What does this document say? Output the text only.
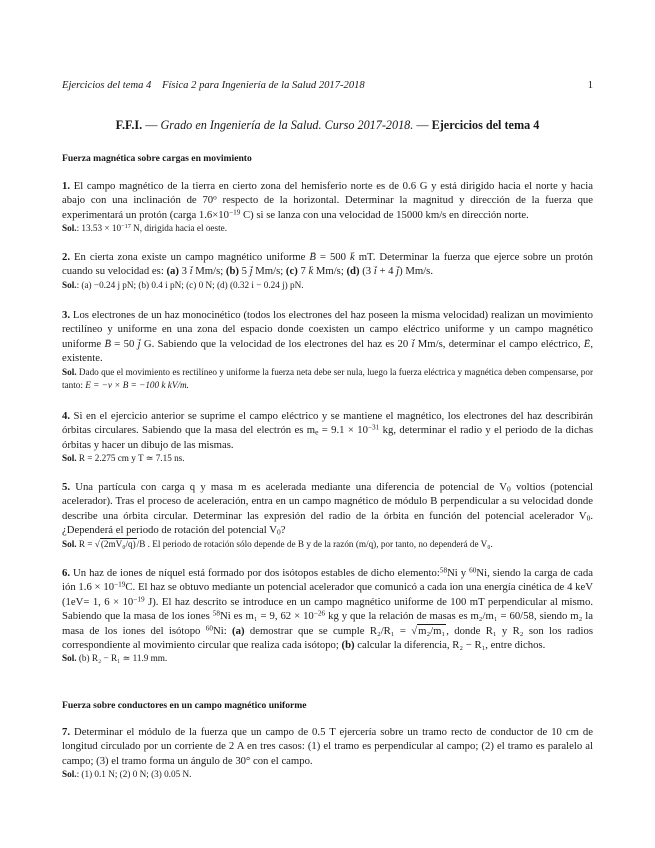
Ejercicios del tema 4 Física 2 para Ingeniería de la Salud 2017-2018	1
F.F.I. — Grado en Ingeniería de la Salud. Curso 2017-2018. — Ejercicios del tema 4
Fuerza magnética sobre cargas en movimiento
1. El campo magnético de la tierra en cierto zona del hemisferio norte es de 0.6 G y está dirigido hacia el norte y hacia abajo con una inclinación de 70$^o$ respecto de la horizontal. Determinar la magnitud y dirección de la fuerza que experimentará un protón (carga $1.6\times 10^{-19}$ C) si se lanza con una velocidad de 15000 km/s en dirección norte.
Sol.: $13.53 \times 10^{-17}$ N, dirigida hacia el oeste.
2. En cierta zona existe un campo magnético uniforme → B = 500 → k mT. Determinar la fuerza que ejerce sobre un protón cuando su velocidad es: (a) 3 → i Mm/s; (b) 5 → j Mm/s; (c) 7 → k Mm/s; (d) (3 → i + 4 → j) Mm/s.
Sol.: (a) −0.24 j pN; (b) 0.4 i pN; (c) 0 N; (d) (0.32 i − 0.24 j) pN.
3. Los electrones de un haz monocinético (todos los electrones del haz poseen la misma velocidad) realizan un movimiento rectilíneo y uniforme en una zona del espacio donde coexisten un campo eléctrico uniforme y un campo magnético uniforme → B = 50 → j G. Sabiendo que la velocidad de los electrones del haz es 20 → i Mm/s, determinar el campo eléctrico, → E, existente.
Sol. Dado que el movimiento es rectilíneo y uniforme la fuerza neta debe ser nula, luego la fuerza eléctrica y magnética deben compensarse, por tanto: E = −v × B = −100 k kV/m.
4. Si en el ejercicio anterior se suprime el campo eléctrico y se mantiene el magnético, los electrones del haz describirán órbitas circulares. Sabiendo que la masa del electrón es $m_e = 9.1 \times 10^{-31}$ kg, determinar el radio y el periodo de la dichas órbitas y hacer un dibujo de las mismas.
Sol. R = 2.275 cm y T ≃ 7.15 ns.
5. Una partícula con carga q y masa m es acelerada mediante una diferencia de potencial de $V_0$ voltios (potencial acelerador). Tras el proceso de aceleración, entra en un campo magnético de módulo B perpendicular a su velocidad donde describe una órbita circular. Determinar las expresión del radio de la órbita en función del potencial acelerador $V_0$. ¿Dependerá el periodo de rotación del potencial $V_0$?
Sol. R = √(2mV₀/q)/B . El periodo de rotación sólo depende de B y de la razón (m/q), por tanto, no dependerá de V₀.
6. Un haz de iones de níquel está formado por dos isótopos estables de dicho elemento:$^{58}$Ni y $^{60}$Ni, siendo la carga de cada ión $1.6 \times 10^{-19}C$. El haz se obtuvo mediante un potencial acelerador que comunicó a cada ion una energía cinética de 4 keV (1eV= 1, $6 \times 10^{-19}$ J). El haz descrito se introduce en un campo magnético uniforme de 100 mT perpendicular al mismo. Sabiendo que la masa de los iones $^{58}$Ni es m₁ = 9, $62 \times 10^{-26}$ kg y que la relación de masas es m₂/m₁ = 60/58, siendo m₂ la masa de los iones del isótopo $^{60}$Ni: (a) demostrar que se cumple R₂/R₁ = √m₂/m₁, donde R₁ y R₂ son los radios correspondiente al movimiento circular que realiza cada isótopo; (b) calcular la diferencia, R₂ − R₁, entre dichos.
Sol. (b) R₂ − R₁ ≃ 11.9 mm.
Fuerza sobre conductores en un campo magnético uniforme
7. Determinar el módulo de la fuerza que un campo de 0.5 T ejercería sobre un tramo recto de conductor de 10 cm de longitud circulado por un corriente de 2 A en tres casos: (1) el tramo es perpendicular al campo; (2) el tramo es paralelo al campo; (3) el tramo forma un ángulo de 30° con el campo.
Sol.: (1) 0.1 N; (2) 0 N; (3) 0.05 N.
